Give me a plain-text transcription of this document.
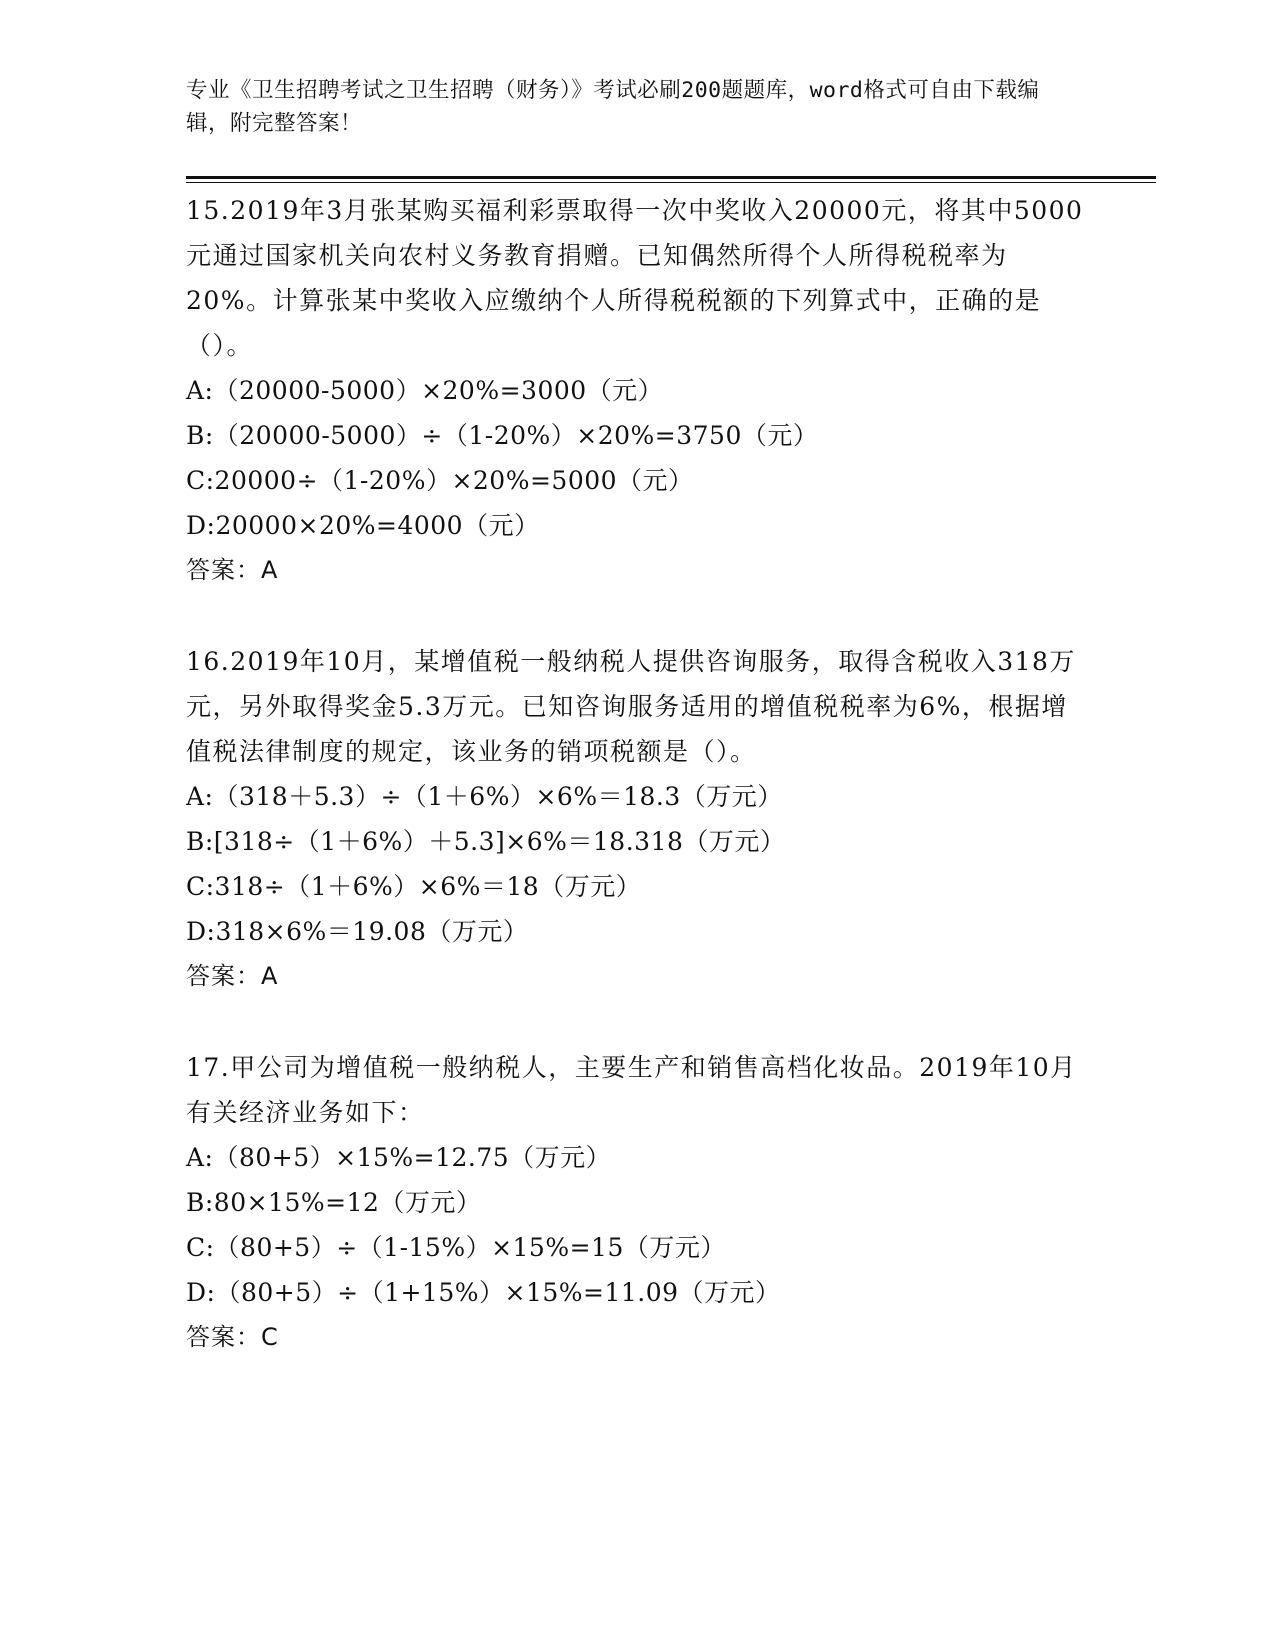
专业《卫生招聘考试之卫生招聘（财务）》考试必刷200题题库，word格式可自由下载编辑，附完整答案！

15.2019年3月张某购买福利彩票取得一次中奖收入20000元，将其中5000元通过国家机关向农村义务教育捐赠。已知偶然所得个人所得税税率为20%。计算张某中奖收入应缴纳个人所得税税额的下列算式中，正确的是（）。

A:（20000-5000）×20%=3000（元）
B:（20000-5000）÷（1-20%）×20%=3750（元）
C:20000÷（1-20%）×20%=5000（元）
D:20000×20%=4000（元）
答案：A

16.2019年10月，某增值税一般纳税人提供咨询服务，取得含税收入318万元，另外取得奖金5.3万元。已知咨询服务适用的增值税税率为6%，根据增值税法律制度的规定，该业务的销项税额是（）。

A:（318＋5.3）÷（1＋6%）×6%＝18.3（万元）
B:[318÷（1＋6%）＋5.3]×6%＝18.318（万元）
C:318÷（1＋6%）×6%＝18（万元）
D:318×6%＝19.08（万元）
答案：A

17.甲公司为增值税一般纳税人，主要生产和销售高档化妆品。2019年10月有关经济业务如下：

A:（80+5）×15%=12.75（万元）
B:80×15%=12（万元）
C:（80+5）÷（1-15%）×15%=15（万元）
D:（80+5）÷（1+15%）×15%=11.09（万元）
答案：C
